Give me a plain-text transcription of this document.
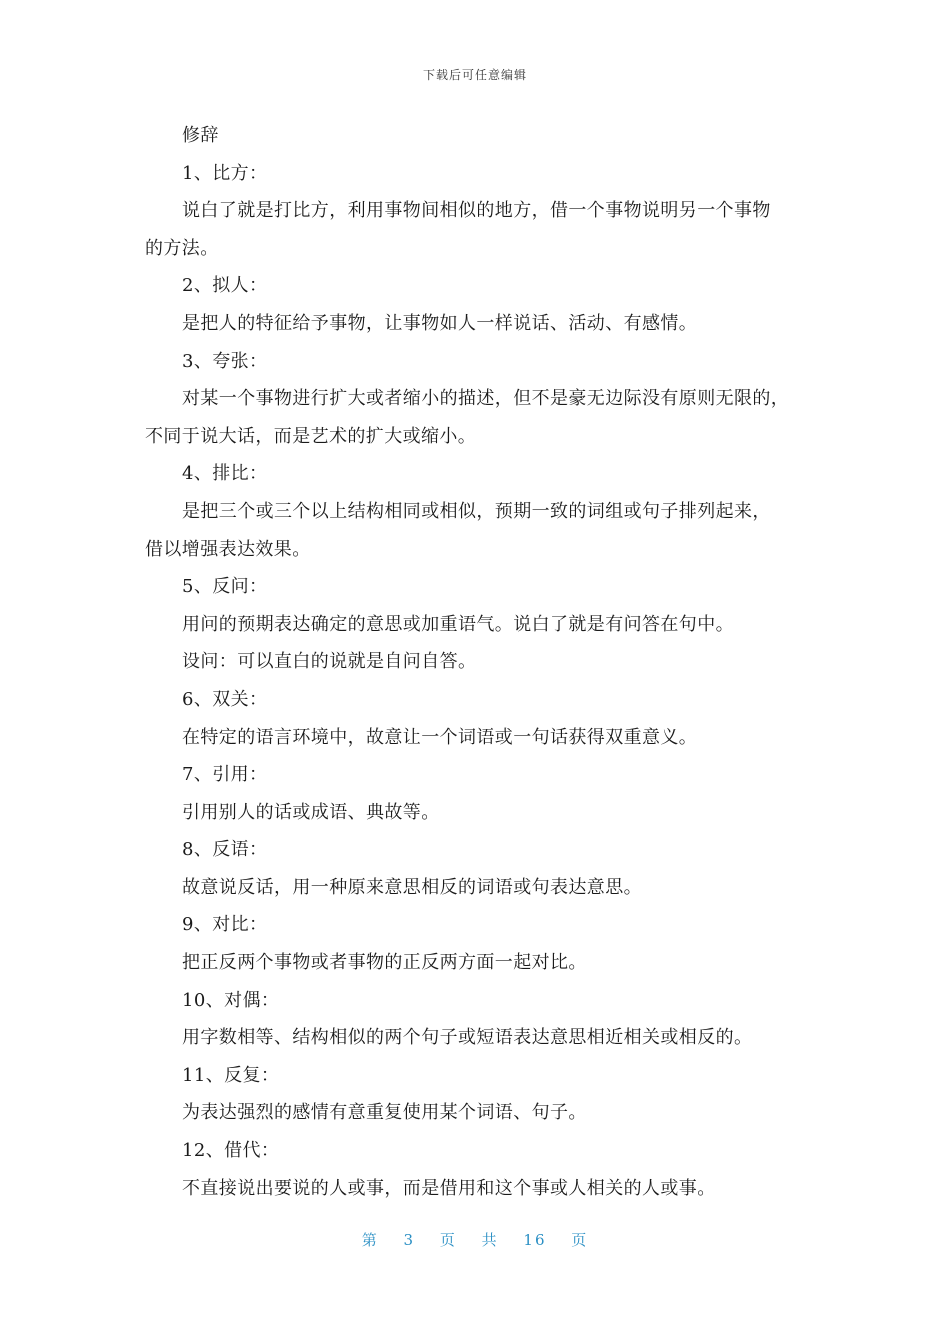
下载后可任意编辑

修辞

1、比方：

说白了就是打比方，利用事物间相似的地方，借一个事物说明另一个事物

的方法。

2、拟人：

是把人的特征给予事物，让事物如人一样说话、活动、有感情。

3、夸张：

对某一个事物进行扩大或者缩小的描述，但不是豪无边际没有原则无限的，

不同于说大话，而是艺术的扩大或缩小。

4、排比：

是把三个或三个以上结构相同或相似，预期一致的词组或句子排列起来，

借以增强表达效果。

5、反问：

用问的预期表达确定的意思或加重语气。说白了就是有问答在句中。

设问：可以直白的说就是自问自答。

6、双关：

在特定的语言环境中，故意让一个词语或一句话获得双重意义。

7、引用：

引用别人的话或成语、典故等。

8、反语：

故意说反话，用一种原来意思相反的词语或句表达意思。

9、对比：

把正反两个事物或者事物的正反两方面一起对比。

10、对偶：

用字数相等、结构相似的两个句子或短语表达意思相近相关或相反的。

11、反复：

为表达强烈的感情有意重复使用某个词语、句子。

12、借代：

不直接说出要说的人或事，而是借用和这个事或人相关的人或事。

第 3 页 共 16 页
